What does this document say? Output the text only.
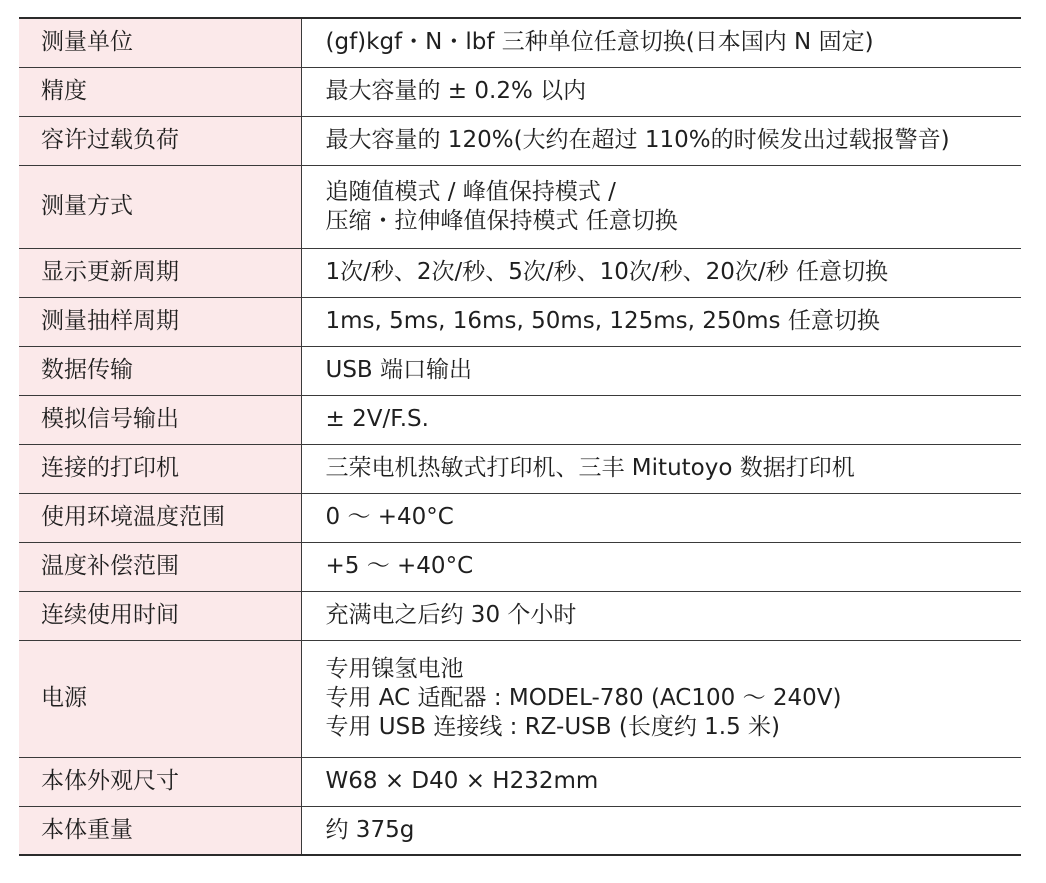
测量单位	(gf)kgf・N・lbf 三种单位任意切换(日本国内 N 固定)

精度	最大容量的 ± 0.2% 以内

容许过载负荷	最大容量的 120%(大约在超过 110%的时候发出过载报警音)

测量方式	追随值模式 / 峰值保持模式 /
压缩・拉伸峰值保持模式 任意切换

显示更新周期	1次/秒、2次/秒、5次/秒、10次/秒、20次/秒 任意切换

测量抽样周期	1ms, 5ms, 16ms, 50ms, 125ms, 250ms 任意切换

数据传输	USB 端口输出

模拟信号输出	± 2V/F.S.

连接的打印机	三荣电机热敏式打印机、三丰 Mitutoyo 数据打印机

使用环境温度范围	0 ～ +40°C

温度补偿范围	+5 ～ +40°C

连续使用时间	充满电之后约 30 个小时

电源	专用镍氢电池
专用 AC 适配器 : MODEL-780 (AC100 ～ 240V)
专用 USB 连接线 : RZ-USB (长度约 1.5 米)

本体外观尺寸	W68 × D40 × H232mm

本体重量	约 375g
